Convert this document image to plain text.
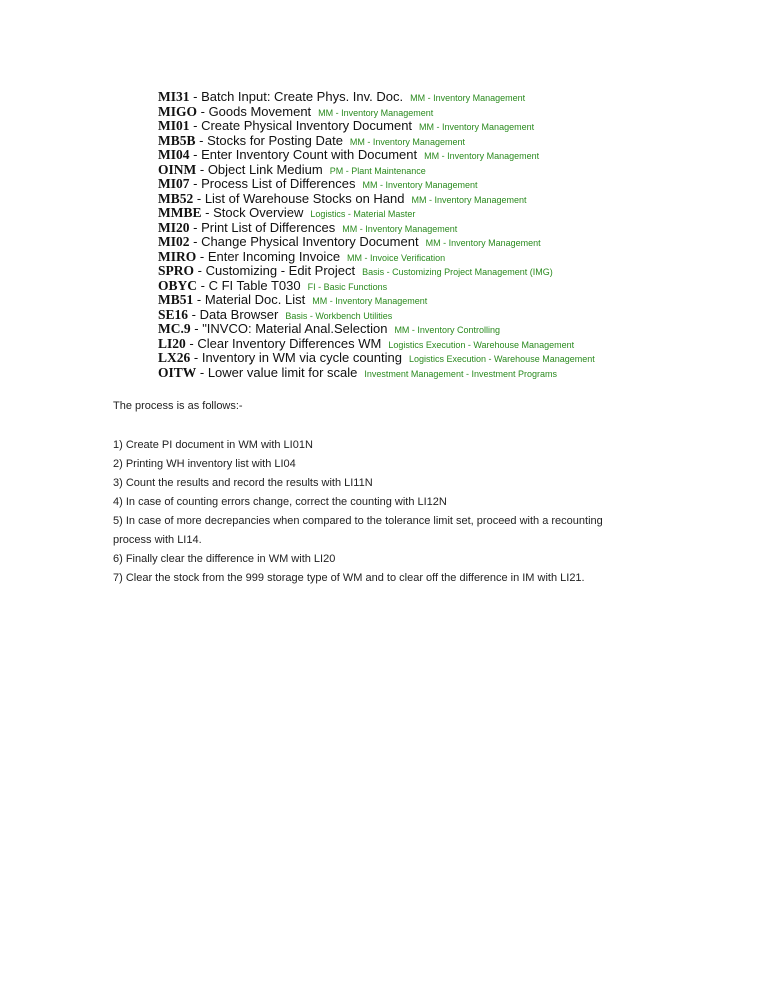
MI31 - Batch Input: Create Phys. Inv. Doc. MM - Inventory Management
MIGO - Goods Movement MM - Inventory Management
MI01 - Create Physical Inventory Document MM - Inventory Management
MB5B - Stocks for Posting Date MM - Inventory Management
MI04 - Enter Inventory Count with Document MM - Inventory Management
OINM - Object Link Medium PM - Plant Maintenance
MI07 - Process List of Differences MM - Inventory Management
MB52 - List of Warehouse Stocks on Hand MM - Inventory Management
MMBE - Stock Overview Logistics - Material Master
MI20 - Print List of Differences MM - Inventory Management
MI02 - Change Physical Inventory Document MM - Inventory Management
MIRO - Enter Incoming Invoice MM - Invoice Verification
SPRO - Customizing - Edit Project Basis - Customizing Project Management (IMG)
OBYC - C FI Table T030 FI - Basic Functions
MB51 - Material Doc. List MM - Inventory Management
SE16 - Data Browser Basis - Workbench Utilities
MC.9 - "INVCO: Material Anal.Selection MM - Inventory Controlling
LI20 - Clear Inventory Differences WM Logistics Execution - Warehouse Management
LX26 - Inventory in WM via cycle counting Logistics Execution - Warehouse Management
OITW - Lower value limit for scale Investment Management - Investment Programs

The process is as follows:-

1) Create PI document in WM with LI01N
2) Printing WH inventory list with LI04
3) Count the results and record the results with LI11N
4) In case of counting errors change, correct the counting with LI12N
5) In case of more decrepancies when compared to the tolerance limit set, proceed with a recounting process with LI14.
6) Finally clear the difference in WM with LI20
7) Clear the stock from the 999 storage type of WM and to clear off the difference in IM with LI21.
